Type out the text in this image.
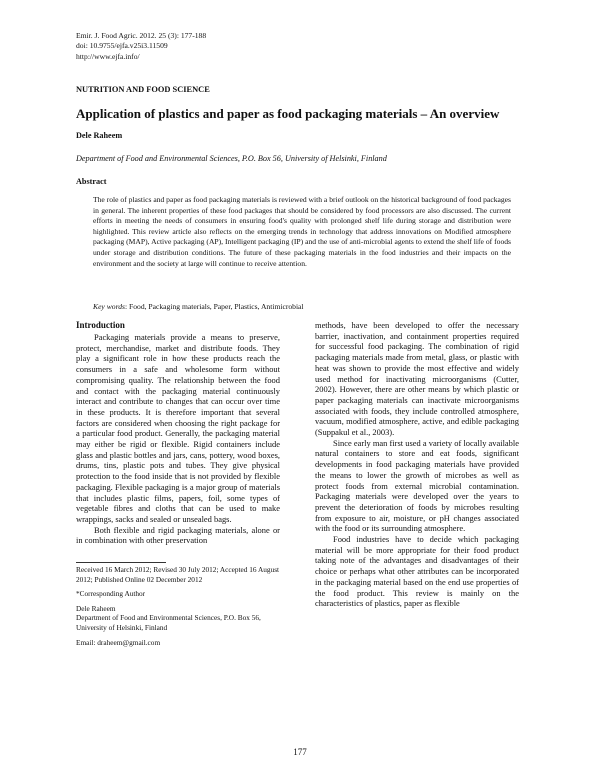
Emir. J. Food Agric. 2012. 25 (3): 177-188
doi: 10.9755/ejfa.v25i3.11509
http://www.ejfa.info/
NUTRITION AND FOOD SCIENCE
Application of plastics and paper as food packaging materials – An overview
Dele Raheem
Department of Food and Environmental Sciences, P.O. Box 56, University of Helsinki, Finland
Abstract
The role of plastics and paper as food packaging materials is reviewed with a brief outlook on the historical background of food packages in general. The inherent properties of these food packages that should be considered by food processors are also discussed. The current efforts in meeting the needs of consumers in ensuring food's quality with prolonged shelf life during storage and distribution were highlighted. This review article also reflects on the emerging trends in technology that address innovations on Modified atmosphere packaging (MAP), Active packaging (AP), Intelligent packaging (IP) and the use of anti-microbial agents to extend the shelf life of foods under storage and distribution conditions. The future of these packaging materials in the food industries and their impacts on the environment and the society at large will continue to receive attention.
Key words: Food, Packaging materials, Paper, Plastics, Antimicrobial
Introduction

Packaging materials provide a means to preserve, protect, merchandise, market and distribute foods. They play a significant role in how these products reach the consumers in a safe and wholesome form without compromising quality. The relationship between the food and contact with the packaging material continuously interact and contribute to changes that can occur over time in these products. It is therefore important that several factors are considered when choosing the right package for a particular food product. Generally, the packaging material may either be rigid or flexible. Rigid containers include glass and plastic bottles and jars, cans, pottery, wood boxes, drums, tins, plastic pots and tubes. They give physical protection to the food inside that is not provided by flexible packaging. Flexible packaging is a major group of materials that includes plastic films, papers, foil, some types of vegetable fibres and cloths that can be used to make wrappings, sacks and sealed or unsealed bags.

Both flexible and rigid packaging materials, alone or in combination with other preservation

methods, have been developed to offer the necessary barrier, inactivation, and containment properties required for successful food packaging. The combination of rigid packaging materials made from metal, glass, or plastic with heat was shown to provide the most effective and widely used method for inactivating microorganisms (Cutter, 2002). However, there are other means by which plastic or paper packaging materials can inactivate microorganisms associated with foods, they include controlled atmosphere, vacuum, modified atmosphere, active, and edible packaging (Suppakul et al., 2003).

Since early man first used a variety of locally available natural containers to store and eat foods, significant developments in food packaging materials have provided the means to lower the growth of microbes as well as protect foods from external microbial contamination. Packaging materials were developed over the years to prevent the deterioration of foods by microbes resulting from exposure to air, moisture, or pH changes associated with the food or its surrounding atmosphere.

Food industries have to decide which packaging material will be more appropriate for their food product taking note of the advantages and disadvantages of their choice or perhaps what other attributes can be incorporated in the packaging material based on the end use properties of the food product. This review is mainly on the characteristics of plastics, paper as flexible

Received 16 March 2012; Revised 30 July 2012; Accepted 16 August 2012; Published Online 02 December 2012

*Corresponding Author

Dele Raheem
Department of Food and Environmental Sciences, P.O. Box 56, University of Helsinki, Finland

Email: draheem@gmail.com

177
